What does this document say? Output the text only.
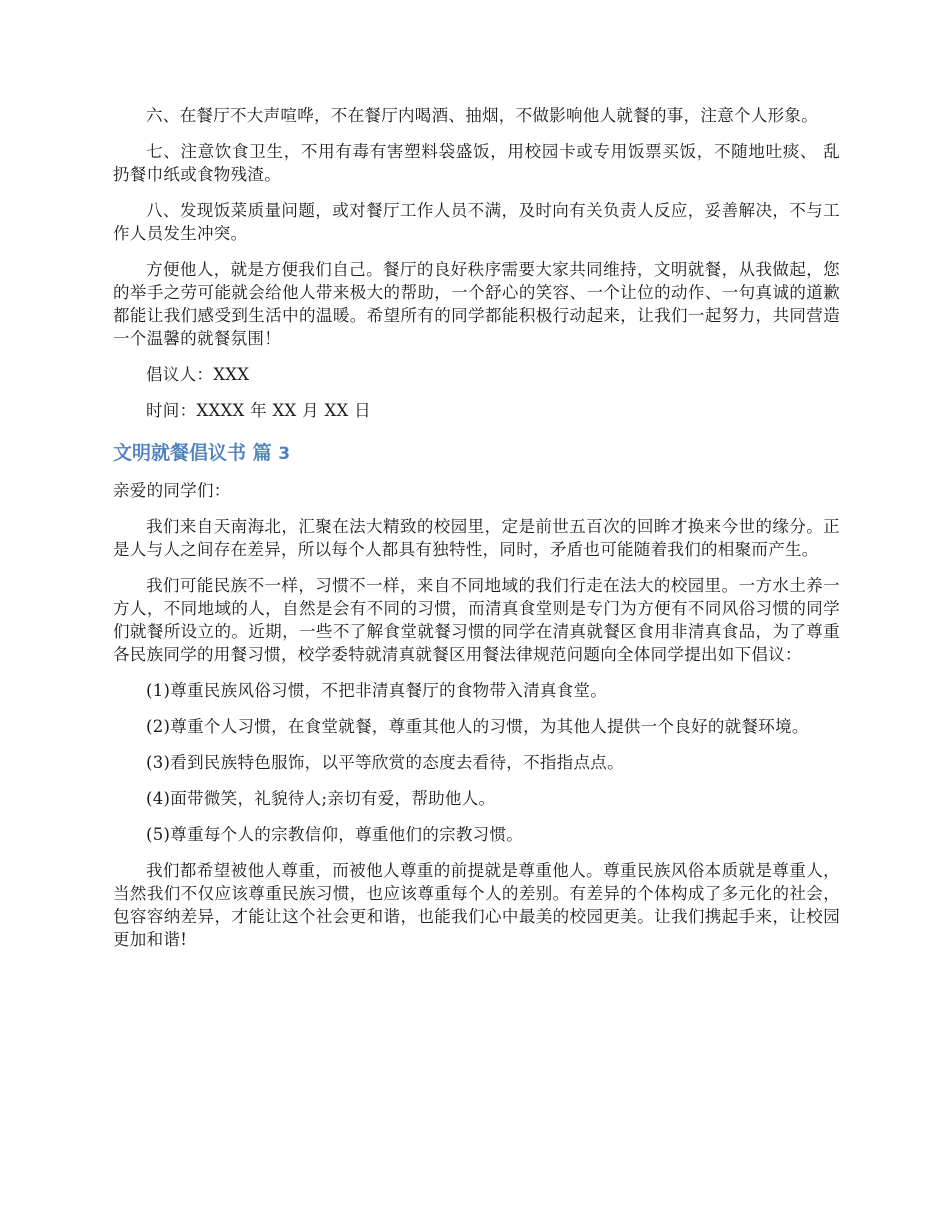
六、在餐厅不大声喧哗，不在餐厅内喝酒、抽烟，不做影响他人就餐的事，注意个人形象。

七、注意饮食卫生，不用有毒有害塑料袋盛饭，用校园卡或专用饭票买饭，不随地吐痰、 乱扔餐巾纸或食物残渣。

八、发现饭菜质量问题，或对餐厅工作人员不满，及时向有关负责人反应，妥善解决，不与工作人员发生冲突。

方便他人，就是方便我们自己。餐厅的良好秩序需要大家共同维持，文明就餐，从我做起，您的举手之劳可能就会给他人带来极大的帮助，一个舒心的笑容、一个让位的动作、一句真诚的道歉都能让我们感受到生活中的温暖。希望所有的同学都能积极行动起来，让我们一起努力，共同营造一个温馨的就餐氛围！

倡议人：XXX

时间：XXXX 年 XX 月 XX 日

文明就餐倡议书 篇 3

亲爱的同学们：

我们来自天南海北，汇聚在法大精致的校园里，定是前世五百次的回眸才换来今世的缘分。正是人与人之间存在差异，所以每个人都具有独特性，同时，矛盾也可能随着我们的相聚而产生。

我们可能民族不一样，习惯不一样，来自不同地域的我们行走在法大的校园里。一方水土养一方人，不同地域的人，自然是会有不同的习惯，而清真食堂则是专门为方便有不同风俗习惯的同学们就餐所设立的。近期，一些不了解食堂就餐习惯的同学在清真就餐区食用非清真食品，为了尊重各民族同学的用餐习惯，校学委特就清真就餐区用餐法律规范问题向全体同学提出如下倡议：

(1)尊重民族风俗习惯，不把非清真餐厅的食物带入清真食堂。

(2)尊重个人习惯，在食堂就餐，尊重其他人的习惯，为其他人提供一个良好的就餐环境。

(3)看到民族特色服饰，以平等欣赏的态度去看待，不指指点点。

(4)面带微笑，礼貌待人;亲切有爱，帮助他人。

(5)尊重每个人的宗教信仰，尊重他们的宗教习惯。

我们都希望被他人尊重，而被他人尊重的前提就是尊重他人。尊重民族风俗本质就是尊重人，当然我们不仅应该尊重民族习惯，也应该尊重每个人的差别。有差异的个体构成了多元化的社会，包容容纳差异，才能让这个社会更和谐，也能我们心中最美的校园更美。让我们携起手来，让校园更加和谐!
